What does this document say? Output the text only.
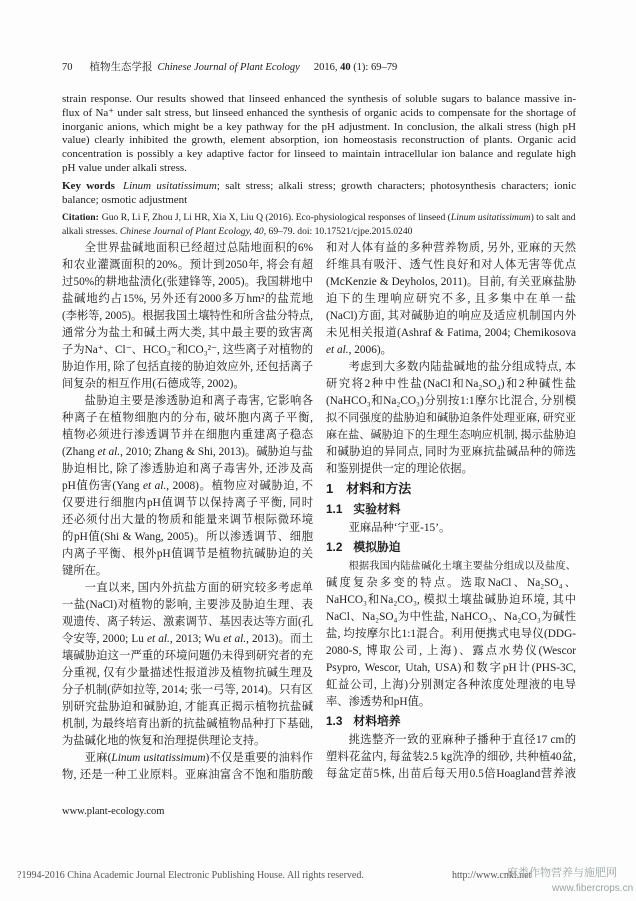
70 植物生态学报 Chinese Journal of Plant Ecology 2016, 40 (1): 69–79
strain response. Our results showed that linseed enhanced the synthesis of soluble sugars to balance massive in-
flux of Na⁺ under salt stress, but linseed enhanced the synthesis of organic acids to compensate for the shortage of
inorganic anions, which might be a key pathway for the pH adjustment. In conclusion, the alkali stress (high pH
value) clearly inhibited the growth, element absorption, ion homeostasis reconstruction of plants. Organic acid
concentration is possibly a key adaptive factor for linseed to maintain intracellular ion balance and regulate high
pH value under alkali stress.
Key words Linum usitatissimum; salt stress; alkali stress; growth characters; photosynthesis characters; ionic
balance; osmotic adjustment
Citation: Guo R, Li F, Zhou J, Li HR, Xia X, Liu Q (2016). Eco-physiological responses of linseed (Linum usitatissimum) to salt and
alkali stresses. Chinese Journal of Plant Ecology, 40, 69–79. doi: 10.17521/cjpe.2015.0240
全世界盐碱地面积已经超过总陆地面积的6%
和农业灌溉面积的20%。预计到2050年, 将会有超
过50%的耕地盐渍化(张建锋等, 2005)。我国耕地中
盐碱地约占15%, 另外还有2000多万hm²的盐荒地
(李彬等, 2005)。根据我国土壤特性和所含盐分特点,
通常分为盐土和碱土两大类, 其中最主要的致害离
子为Na⁺、Cl⁻、HCO₃⁻和CO₃²⁻, 这些离子对植物的
胁迫作用, 除了包括直接的胁迫效应外, 还包括离子
间复杂的相互作用(石德成等, 2002)。
盐胁迫主要是渗透胁迫和离子毒害, 它影响各
种离子在植物细胞内的分布, 破坏胞内离子平衡,
植物必须进行渗透调节并在细胞内重建离子稳态
(Zhang et al., 2010; Zhang & Shi, 2013)。碱胁迫与盐
胁迫相比, 除了渗透胁迫和离子毒害外, 还涉及高
pH值伤害(Yang et al., 2008)。植物应对碱胁迫, 不
仅要进行细胞内pH值调节以保持离子平衡, 同时
还必须付出大量的物质和能量来调节根际微环境
的pH值(Shi & Wang, 2005)。所以渗透调节、细胞
内离子平衡、根外pH值调节是植物抗碱胁迫的关
键所在。
一直以来, 国内外抗盐方面的研究较多考虑单
一盐(NaCl)对植物的影响, 主要涉及胁迫生理、表
观遗传、离子转运、激素调节、基因表达等方面(孔
令安等, 2000; Lu et al., 2013; Wu et al., 2013)。而土
壤碱胁迫这一严重的环境问题仍未得到研究者的充
分重视, 仅有少量描述性报道涉及植物抗碱生理及
分子机制(萨如拉等, 2014; 张一弓等, 2014)。只有区
别研究盐胁迫和碱胁迫, 才能真正揭示植物抗盐碱
机制, 为最终培育出新的抗盐碱植物品种打下基础,
为盐碱化地的恢复和治理提供理论支持。
亚麻(Linum usitatissimum)不仅是重要的油料作
物, 还是一种工业原料。亚麻油富含不饱和脂肪酸
和对人体有益的多种营养物质, 另外, 亚麻的天然
纤维具有吸汗、透气性良好和对人体无害等优点
(McKenzie & Deyholos, 2011)。目前, 有关亚麻盐胁
迫下的生理响应研究不多, 且多集中在单一盐
(NaCl)方面, 其对碱胁迫的响应及适应机制国内外
未见相关报道(Ashraf & Fatima, 2004; Chemikosova
et al., 2006)。
考虑到大多数内陆盐碱地的盐分组成特点, 本
研究将2种中性盐(NaCl和Na₂SO₄)和2种碱性盐
(NaHCO₃和Na₂CO₃)分别按1:1摩尔比混合, 分别模
拟不同强度的盐胁迫和碱胁迫条件处理亚麻, 研究亚
麻在盐、碱胁迫下的生理生态响应机制, 揭示盐胁迫
和碱胁迫的异同点, 同时为亚麻抗盐碱品种的筛选
和鉴别提供一定的理论依据。
1 材料和方法
1.1 实验材料
亚麻品种‘宁亚-15’。
1.2 模拟胁迫
根据我国内陆盐碱化土壤主要盐分组成以及盐度、
碱度复杂多变的特点。选取NaCl、Na₂SO₄、
NaHCO₃和Na₂CO₃, 模拟土壤盐碱胁迫环境, 其中
NaCl、Na₂SO₄为中性盐, NaHCO₃、Na₂CO₃为碱性
盐, 均按摩尔比1:1混合。利用便携式电导仪(DDG-
2080-S, 博取公司, 上海)、露点水势仪(Wescor
Psypro, Wescor, Utah, USA)和数字pH计(PHS-3C,
虹益公司, 上海)分别测定各种浓度处理液的电导
率、渗透势和pH值。
1.3 材料培养
挑选整齐一致的亚麻种子播种于直径17 cm的
塑料花盆内, 每盆装2.5 kg洗净的细砂, 共种植40盆,
每盆定苗5株, 出苗后每天用0.5倍Hoagland营养液
www.plant-ecology.com
?1994-2016 China Academic Journal Electronic Publishing House. All rights reserved.	http://www.cnki.net
麻类作物营养与施肥网
www.fibercrops.cn
